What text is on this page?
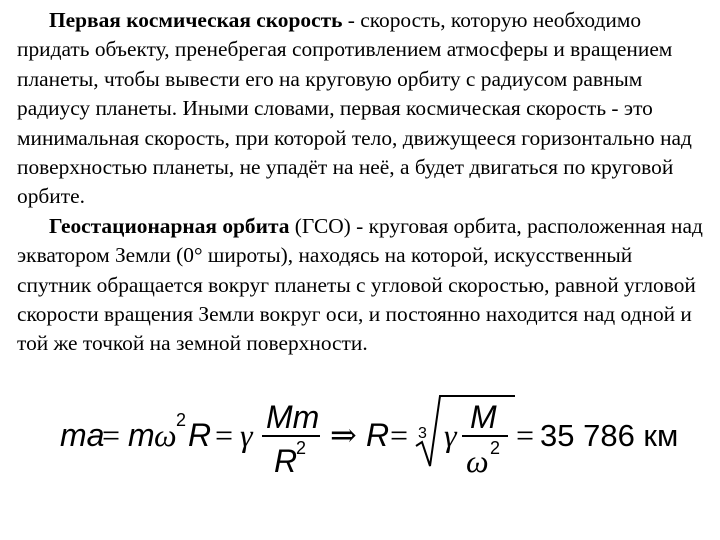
Первая космическая скорость - скорость, которую необходимо придать объекту, пренебрегая сопротивлением атмосферы и вращением планеты, чтобы вывести его на круговую орбиту с радиусом равным радиусу планеты. Иными словами, первая космическая скорость - это минимальная скорость, при которой тело, движущееся горизонтально над поверхностью планеты, не упадёт на неё, а будет двигаться по круговой орбите.

Геостационарная орбита (ГСО) - круговая орбита, расположенная над экватором Земли (0° широты), находясь на которой, искусственный спутник обращается вокруг планеты с угловой скоростью, равной угловой скорости вращения Земли вокруг оси, и постоянно находится над одной и той же точкой на земной поверхности.

ma
= m ω 2 R = γ Mm
R
2 ⇒ R = 3 γ M
ω 2 = 35 786 км
